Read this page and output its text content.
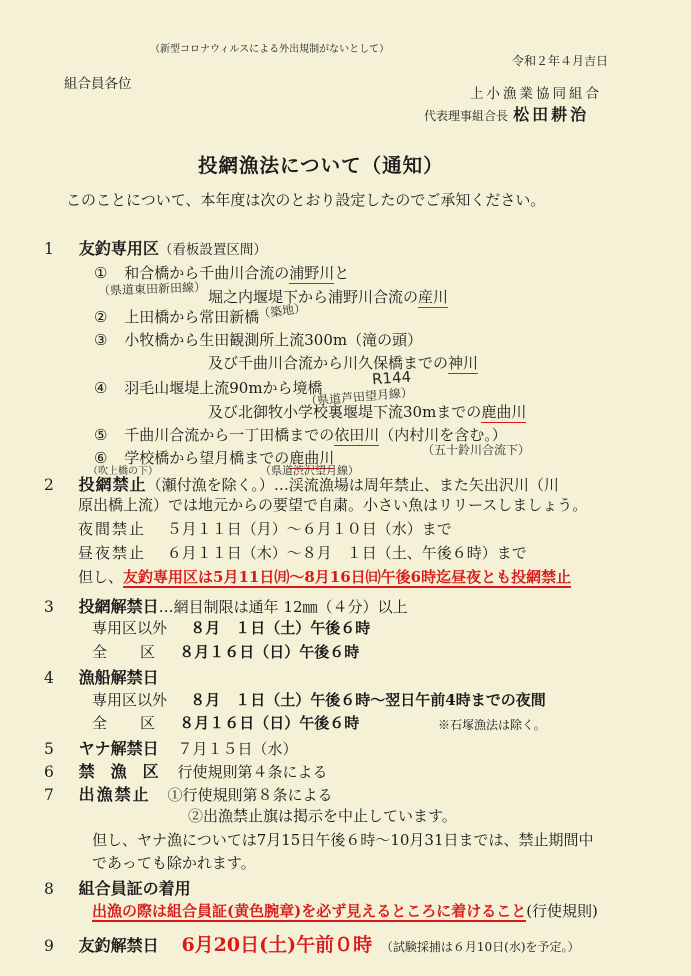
（新型コロナウィルスによる外出規制がないとして）
令和２年４月吉日
組合員各位
上小漁業協同組合
代表理事組合長 松田耕治
投網漁法について（通知）
このことについて、本年度は次のとおり設定したのでご承知ください。
1 友釣専用区（看板設置区間）
① 和合橋から千曲川合流の浦野川と
（県道東田新田線） 堀之内堰堤下から浦野川合流の産川
② 上田橋から常田新橋
（築地）
③ 小牧橋から生田観測所上流300m（滝の頭）
及び千曲川合流から川久保橋までの神川
④ 羽毛山堰堤上流90mから境橋	R144
（県道芦田望月線）
及び北御牧小学校裏堰堤下流30mまでの鹿曲川
⑤ 千曲川合流から一丁田橋までの依田川（内村川を含む。）
（五十鈴川合流下）
⑥ 学校橋から望月橋までの鹿曲川
（吹上橋の下）	（県道渋沢望月線）
2 投網禁止（瀬付漁を除く。）…渓流漁場は周年禁止、また矢出沢川（川
原出橋上流）では地元からの要望で自粛。小さい魚はリリースしましょう。
夜間禁止 ５月１１日（月）～６月１０日（水）まで
昼夜禁止 ６月１１日（木）～８月　１日（土、午後６時）まで
但し、友釣専用区は5月11日㈪～8月16日㈰午後6時迄昼夜とも投網禁止
3 投網解禁日…網目制限は通年 12㎜（４分）以上
専用区以外 ８月　１日（土）午後６時
全　　区 ８月１６日（日）午後６時
4 漁船解禁日
専用区以外 ８月　１日（土）午後６時～翌日午前4時までの夜間
全　　区 ８月１６日（日）午後６時	※石塚漁法は除く。
5 ヤナ解禁日 ７月１５日（水）
6 禁　漁　区 行使規則第４条による
7 出漁禁止 ①行使規則第８条による
②出漁禁止旗は掲示を中止しています。
但し、ヤナ漁については7月15日午後６時～10月31日までは、禁止期間中
であっても除かれます。
8 組合員証の着用
出漁の際は組合員証(黄色腕章)を必ず見えるところに着けること(行使規則)
9 友釣解禁日 6月20日(土)午前０時 （試験採捕は６月10日(水)を予定。）
